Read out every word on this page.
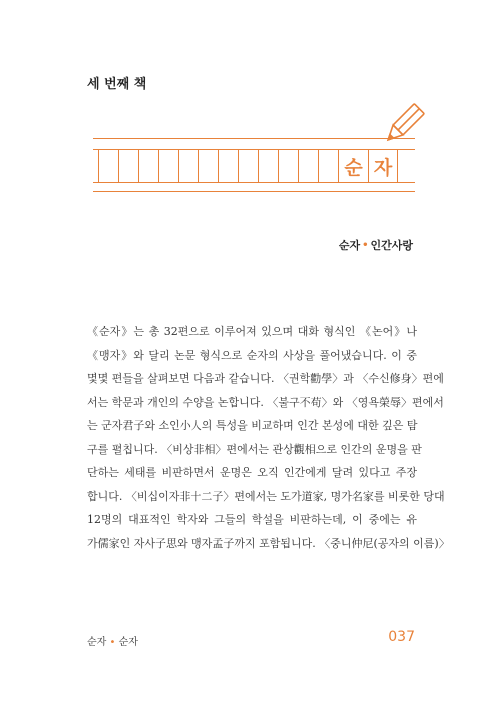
세 번째 책
순 자
순자 • 인간사랑
《순자》는 총 32편으로 이루어져 있으며 대화 형식인 《논어》나
《맹자》와 달리 논문 형식으로 순자의 사상을 풀어냈습니다. 이 중
몇몇 편들을 살펴보면 다음과 같습니다. 〈권학勸學〉과 〈수신修身〉편에
서는 학문과 개인의 수양을 논합니다. 〈불구不苟〉와 〈영욕榮辱〉편에서
는 군자君子와 소인小人의 특성을 비교하며 인간 본성에 대한 깊은 탐
구를 펼칩니다. 〈비상非相〉편에서는 관상觀相으로 인간의 운명을 판
단하는 세태를 비판하면서 운명은 오직 인간에게 달려 있다고 주장
합니다. 〈비십이자非十二子〉편에서는 도가道家, 명가名家를 비롯한 당대
12명의 대표적인 학자와 그들의 학설을 비판하는데, 이 중에는 유
가儒家인 자사子思와 맹자孟子까지 포함됩니다. 〈중니仲尼(공자의 이름)〉
순자 • 순자	037
